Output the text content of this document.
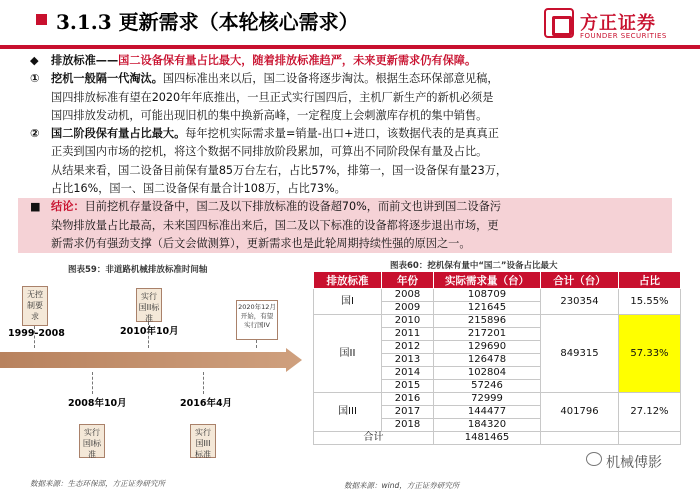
3.1.3 更新需求（本轮核心需求）	方正证券
FOUNDER SECURITIES
◆ 排放标准——国二设备保有量占比最大，随着排放标准趋严，未来更新需求仍有保障。
① 挖机一般隔一代淘汰。国四标准出来以后，国二设备将逐步淘汰。根据生态环保部意见稿，
国四排放标准有望在2020年年底推出，一旦正式实行国四后，主机厂新生产的新机必须是
国四排放发动机，可能出现旧机的集中换新高峰，一定程度上会刺激库存机的集中销售。
② 国二阶段保有量占比最大。每年挖机实际需求量=销量-出口+进口，该数据代表的是真真正
正卖到国内市场的挖机，将这个数据不同排放阶段累加，可算出不同阶段保有量及占比。
从结果来看，国二设备目前保有量85万台左右，占比57%，排第一，国一设备保有量23万，
占比16%，国一、国二设备保有量合计108万，占比73%。
■ 结论：目前挖机存量设备中，国二及以下排放标准的设备超70%，而前文也讲到国二设备污
染物排放量占比最高，未来国四标准出来后，国二及以下标准的设备都将逐步退出市场，更
新需求仍有强劲支撑（后文会做测算），更新需求也是此轮周期持续性强的原因之一。
图表59：非道路机械排放标准时间轴
无控制要求
1999-2008
实行国II标准
2010年10月
2020年12月开始，有望实行国IV
2008年10月
实行国I标准
2016年4月
实行国III标准
数据来源：生态环保部，方正证券研究所
图表60：挖机保有量中“国二”设备占比最大
排放标准	年份	实际需求量（台）	合计（台）	占比
国I	2008	108709	230354	15.55%
	2009	121645		
国II	2010	215896	849315	57.33%
	2011	217201		
	2012	129690		
	2013	126478		
	2014	102804		
	2015	57246		
国III	2016	72999	401796	27.12%
	2017	144477		
	2018	184320		
合计		1481465		
数据来源：wind，方正证券研究所
机械傅影
